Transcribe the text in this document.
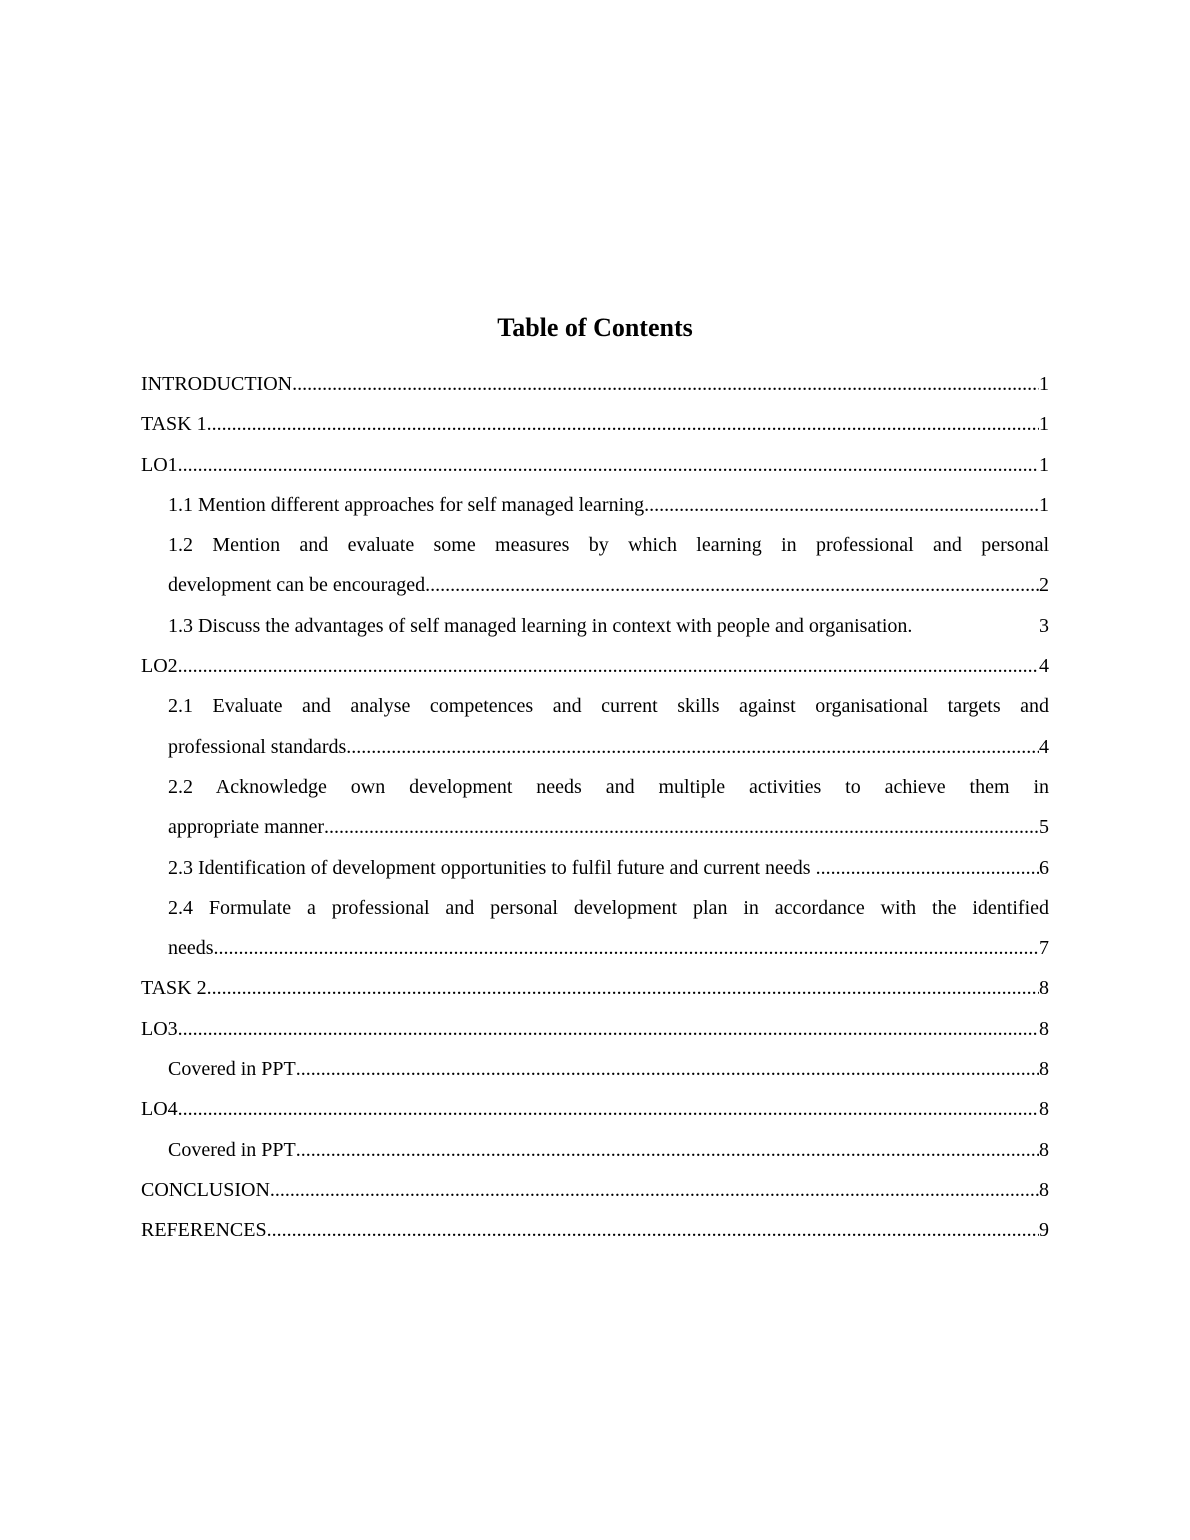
Table of Contents
INTRODUCTION .....	1
TASK 1 .....	1
LO1 .....	1
1.1 Mention different approaches for self managed learning .....	1
1.2 Mention and evaluate some measures by which learning in professional and personal
development can be encouraged .....	2
1.3 Discuss the advantages of self managed learning in context with people and organisation.	3
LO2 .....	4
2.1 Evaluate and analyse competences and current skills against organisational targets and
professional standards .....	4
2.2 Acknowledge own development needs and multiple activities to achieve them in
appropriate manner .....	5
2.3 Identification of development opportunities to fulfil future and current needs .....	6
2.4 Formulate a professional and personal development plan in accordance with the identified
needs .....	7
TASK 2 .....	8
LO3 .....	8
Covered in PPT .....	8
LO4 .....	8
Covered in PPT .....	8
CONCLUSION .....	8
REFERENCES .....	9
